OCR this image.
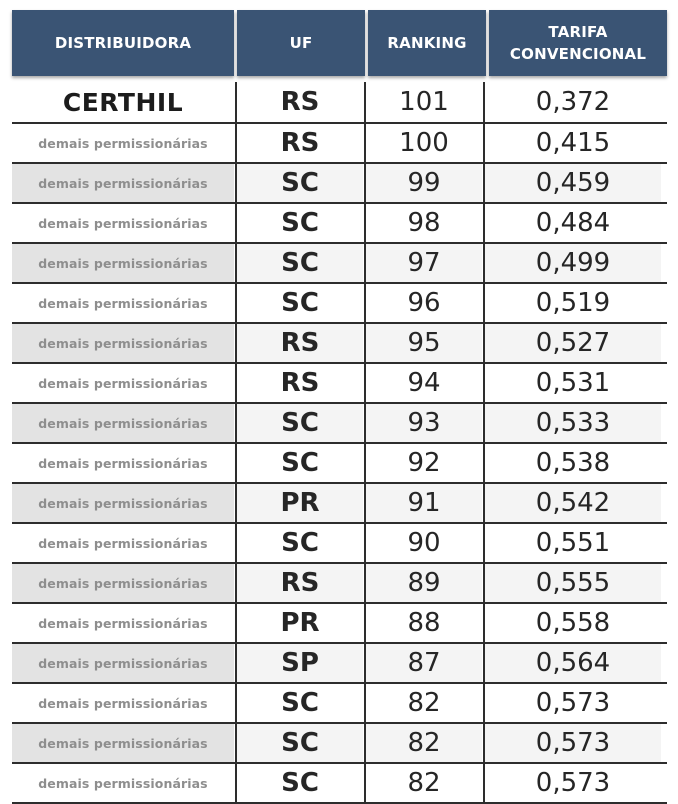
DISTRIBUIDORA	UF	RANKING
TARIFA
CONVENCIONAL
CERTHIL	RS	101	0,372
demais permissionárias	RS	100	0,415
demais permissionárias	SC	99	0,459
demais permissionárias	SC	98	0,484
demais permissionárias	SC	97	0,499
demais permissionárias	SC	96	0,519
demais permissionárias	RS	95	0,527
demais permissionárias	RS	94	0,531
demais permissionárias	SC	93	0,533
demais permissionárias	SC	92	0,538
demais permissionárias	PR	91	0,542
demais permissionárias	SC	90	0,551
demais permissionárias	RS	89	0,555
demais permissionárias	PR	88	0,558
demais permissionárias	SP	87	0,564
demais permissionárias	SC	82	0,573
demais permissionárias	SC	82	0,573
demais permissionárias	SC	82	0,573
